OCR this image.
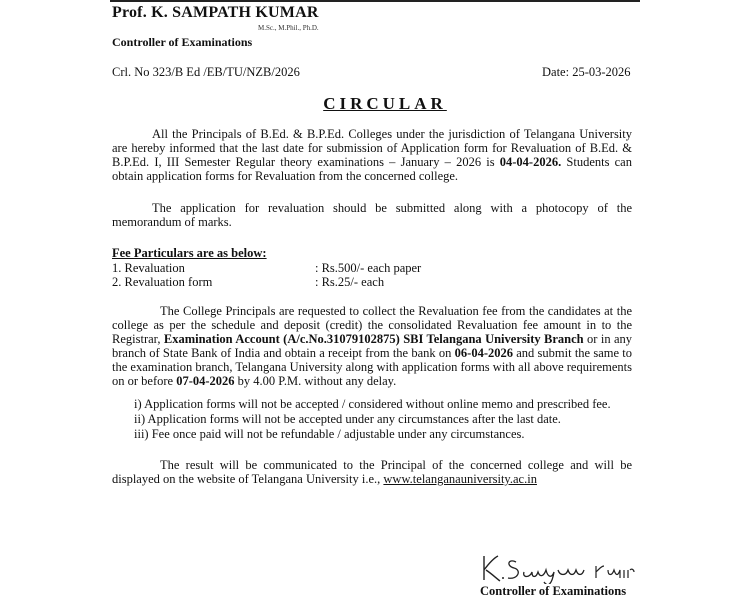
Prof. K. SAMPATH KUMAR
M.Sc., M.Phil., Ph.D.
Controller of Examinations
Crl. No 323/B Ed /EB/TU/NZB/2026	Date: 25-03-2026
CIRCULAR
All the Principals of B.Ed. & B.P.Ed. Colleges under the jurisdiction of Telangana University are hereby informed that the last date for submission of Application form for Revaluation of B.Ed. & B.P.Ed. I, III Semester Regular theory examinations – January – 2026 is 04-04-2026. Students can obtain application forms for Revaluation from the concerned college.
The application for revaluation should be submitted along with a photocopy of the memorandum of marks.
Fee Particulars are as below:
1. Revaluation	: Rs.500/- each paper
2. Revaluation form	: Rs.25/- each
The College Principals are requested to collect the Revaluation fee from the candidates at the college as per the schedule and deposit (credit) the consolidated Revaluation fee amount in to the Registrar, Examination Account (A/c.No.31079102875) SBI Telangana University Branch or in any branch of State Bank of India and obtain a receipt from the bank on 06-04-2026 and submit the same to the examination branch, Telangana University along with application forms with all above requirements on or before 07-04-2026 by 4.00 P.M. without any delay.
i) Application forms will not be accepted / considered without online memo and prescribed fee.
ii) Application forms will not be accepted under any circumstances after the last date.
iii) Fee once paid will not be refundable / adjustable under any circumstances.
The result will be communicated to the Principal of the concerned college and will be displayed on the website of Telangana University i.e., www.telanganauniversity.ac.in
Controller of Examinations
